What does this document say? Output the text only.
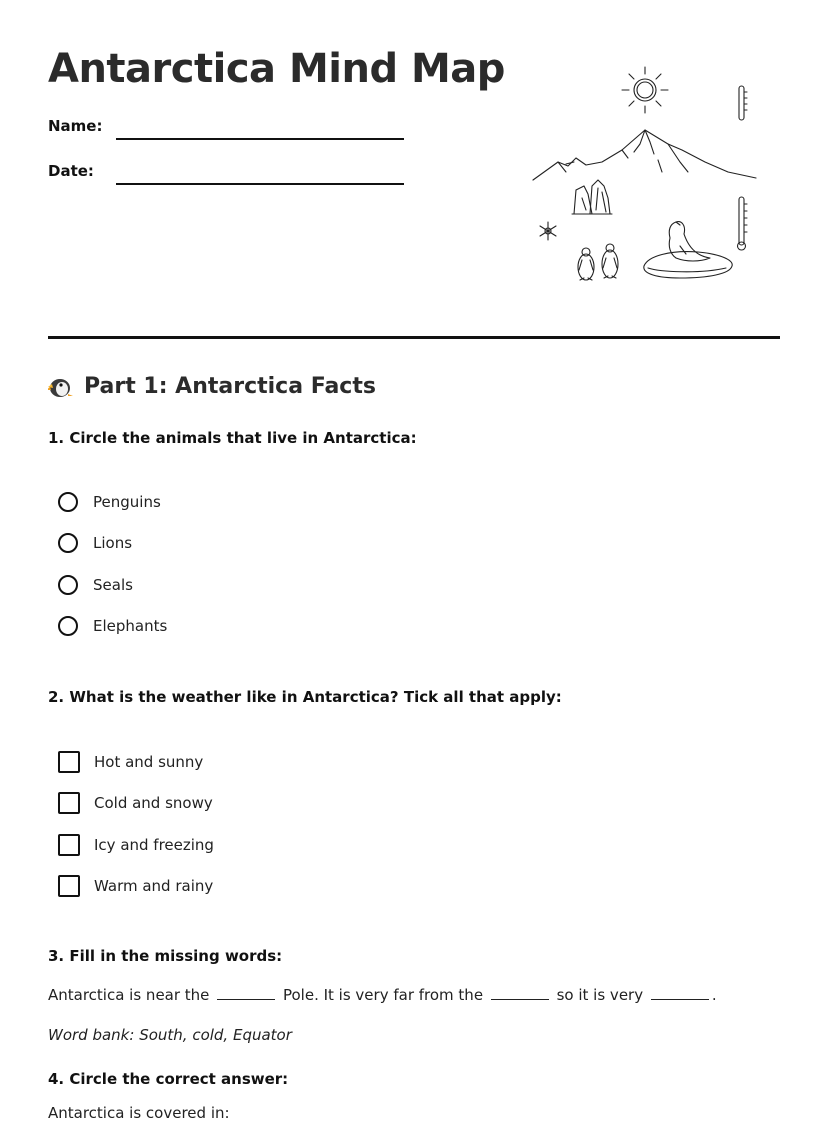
Antarctica Mind Map
Name:
Date:
Part 1: Antarctica Facts

1. Circle the animals that live in Antarctica:

Penguins
Lions
Seals
Elephants

2. What is the weather like in Antarctica? Tick all that apply:

Hot and sunny
Cold and snowy
Icy and freezing
Warm and rainy

3. Fill in the missing words:

Antarctica is near the	Pole. It is very far from the	so it is very	.
Word bank: South, cold, Equator

4. Circle the correct answer:

Antarctica is covered in:
